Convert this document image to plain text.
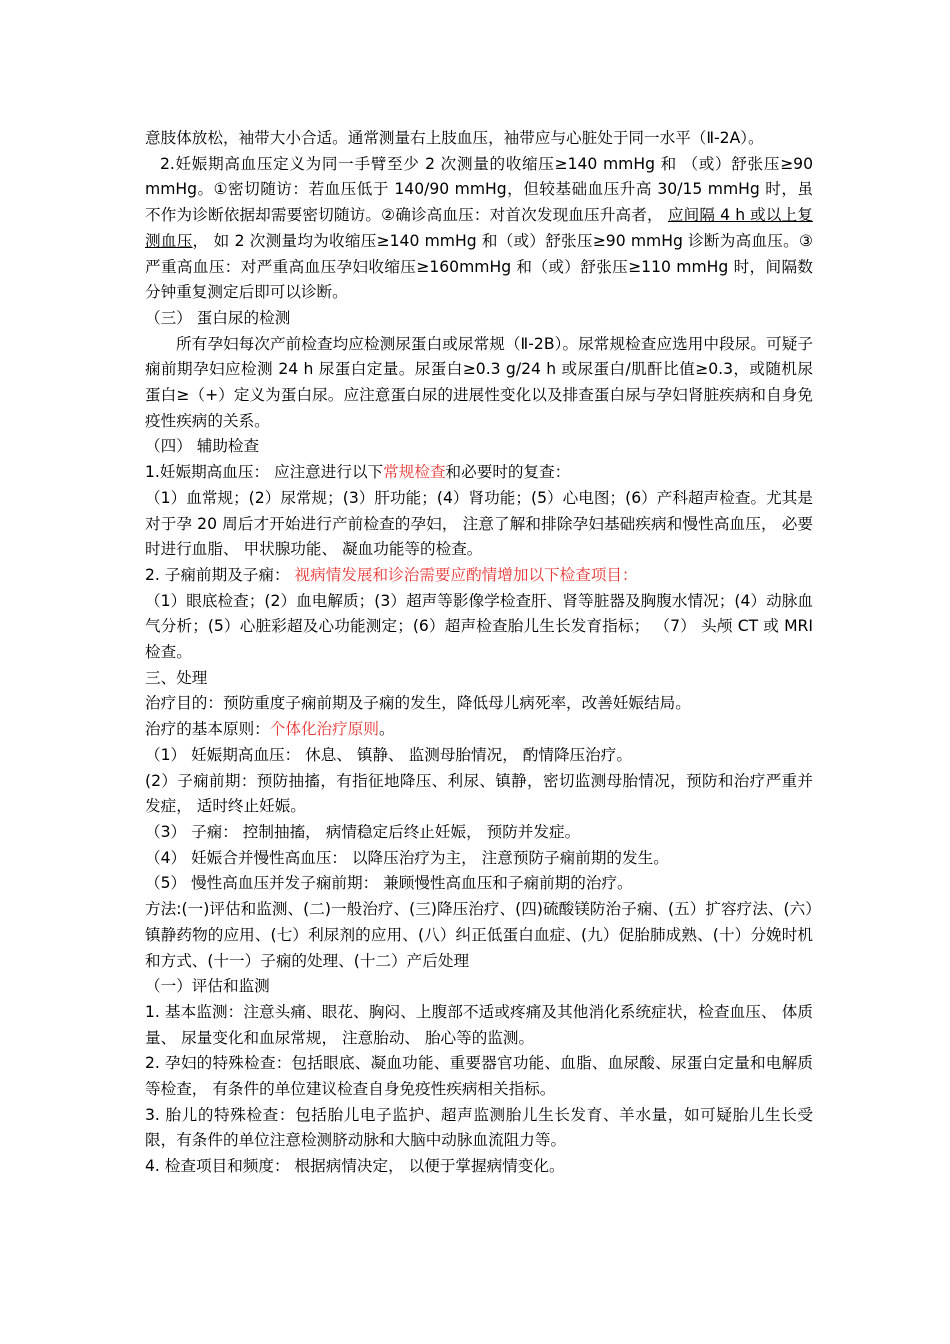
意肢体放松，袖带大小合适。通常测量右上肢血压，袖带应与心脏处于同一水平（Ⅱ-2A）。

2.妊娠期高血压定义为同一手臂至少 2 次测量的收缩压≥140 mmHg 和 （或）舒张压≥90 mmHg。①密切随访：若血压低于 140/90 mmHg，但较基础血压升高 30/15 mmHg 时，虽不作为诊断依据却需要密切随访。②确诊高血压：对首次发现血压升高者， 应间隔 4 h 或以上复测血压， 如 2 次测量均为收缩压≥140 mmHg 和（或）舒张压≥90 mmHg 诊断为高血压。③严重高血压：对严重高血压孕妇收缩压≥160mmHg 和（或）舒张压≥110 mmHg 时，间隔数分钟重复测定后即可以诊断。

（三） 蛋白尿的检测

所有孕妇每次产前检查均应检测尿蛋白或尿常规（Ⅱ-2B）。尿常规检查应选用中段尿。可疑子痫前期孕妇应检测 24 h 尿蛋白定量。尿蛋白≥0.3 g/24 h 或尿蛋白/肌酐比值≥0.3，或随机尿蛋白≥（+）定义为蛋白尿。应注意蛋白尿的进展性变化以及排查蛋白尿与孕妇肾脏疾病和自身免疫性疾病的关系。

（四） 辅助检查

1.妊娠期高血压： 应注意进行以下常规检查和必要时的复查：

（1）血常规；(2）尿常规；(3）肝功能；(4）肾功能；(5）心电图；(6）产科超声检查。尤其是对于孕 20 周后才开始进行产前检查的孕妇， 注意了解和排除孕妇基础疾病和慢性高血压， 必要时进行血脂、 甲状腺功能、 凝血功能等的检查。

2. 子痫前期及子痫： 视病情发展和诊治需要应酌情增加以下检查项目：

（1）眼底检查；(2）血电解质；(3）超声等影像学检查肝、肾等脏器及胸腹水情况；(4）动脉血气分析；(5）心脏彩超及心功能测定；(6）超声检查胎儿生长发育指标； （7） 头颅 CT 或 MRI 检查。

三、处理

治疗目的：预防重度子痫前期及子痫的发生，降低母儿病死率，改善妊娠结局。

治疗的基本原则：个体化治疗原则。

（1） 妊娠期高血压： 休息、 镇静、 监测母胎情况， 酌情降压治疗。

(2）子痫前期：预防抽搐，有指征地降压、利尿、镇静，密切监测母胎情况，预防和治疗严重并发症， 适时终止妊娠。

（3） 子痫： 控制抽搐， 病情稳定后终止妊娠， 预防并发症。

（4） 妊娠合并慢性高血压： 以降压治疗为主， 注意预防子痫前期的发生。

（5） 慢性高血压并发子痫前期： 兼顾慢性高血压和子痫前期的治疗。

方法:(一)评估和监测、(二)一般治疗、(三)降压治疗、(四)硫酸镁防治子痫、(五）扩容疗法、(六）镇静药物的应用、(七）利尿剂的应用、(八）纠正低蛋白血症、(九）促胎肺成熟、(十）分娩时机和方式、(十一）子痫的处理、(十二）产后处理

（一）评估和监测

1. 基本监测：注意头痛、眼花、胸闷、上腹部不适或疼痛及其他消化系统症状，检查血压、 体质量、 尿量变化和血尿常规， 注意胎动、 胎心等的监测。

2. 孕妇的特殊检查：包括眼底、凝血功能、重要器官功能、血脂、血尿酸、尿蛋白定量和电解质等检查， 有条件的单位建议检查自身免疫性疾病相关指标。

3. 胎儿的特殊检查：包括胎儿电子监护、超声监测胎儿生长发育、羊水量，如可疑胎儿生长受限，有条件的单位注意检测脐动脉和大脑中动脉血流阻力等。

4. 检查项目和频度： 根据病情决定， 以便于掌握病情变化。
